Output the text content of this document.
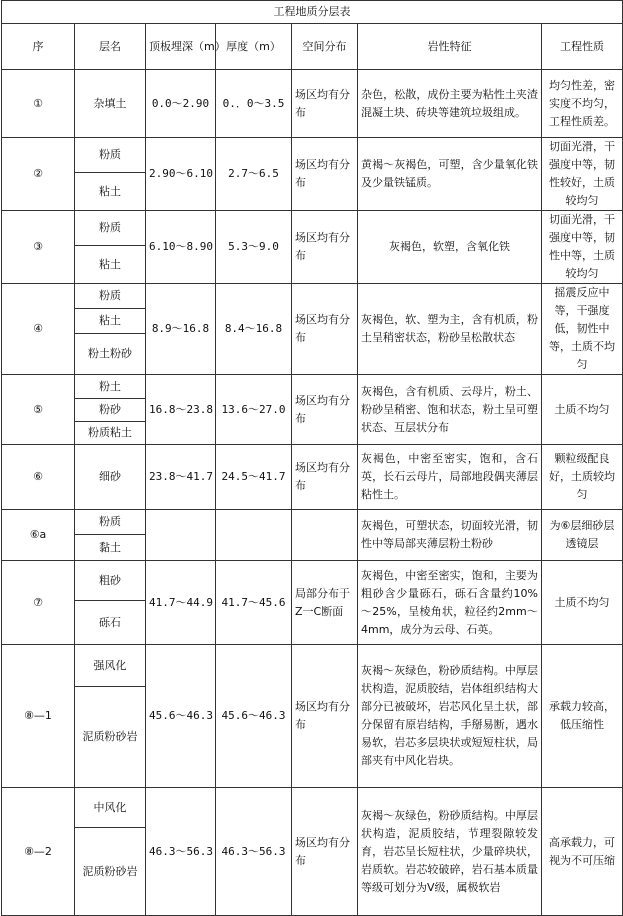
工程地质分层表						
序	层名	顶板埋深（m）	厚度（m）	空间分布	岩性特征	工程性质
①	杂填土	0.0～2.90	0.．0～3.5	场区均有分布	杂色，松散，成份主要为粘性土夹渣混凝土块、砖块等建筑垃圾组成。	均匀性差，密实度不均匀，工程性质差。
②	粉质	2.90～6.10	2.7～6.5	场区均有分布	黄褐～灰褐色，可塑，含少量氧化铁及少量铁锰质。	切面光滑，干强度中等，韧性较好，土质较均匀
	粘土					
③	粉质	6.10～8.90	5.3～9.0	场区均有分布	灰褐色，软塑，含氧化铁	切面光滑，干强度中等，韧性中等，土质较均匀
	粘土					
④	粉质	8.9～16.8	8.4～16.8	场区均有分布	灰褐色，软、塑为主，含有机质，粉土呈稍密状态，粉砂呈松散状态	摇震反应中等，干强度低，韧性中等，土质不均匀
	粘土					
	粉土粉砂					
⑤	粉土	16.8～23.8	13.6～27.0	场区均有分布	灰褐色，含有机质、云母片，粉土、粉砂呈稍密、饱和状态，粉土呈可塑状态、互层状分布	土质不均匀
	粉砂					
	粉质粘土					
⑥	细砂	23.8～41.7	24.5～41.7	场区均有分布	灰褐色，中密至密实，饱和，含石英，长石云母片，局部地段偶夹薄层粘性土。	颗粒级配良好，土质较均匀
⑥a	粉质				灰褐色，可塑状态，切面较光滑，韧性中等局部夹薄层粉土粉砂	为⑥层细砂层透镜层
	黏土					
⑦	粗砂	41.7～44.9	41.7～45.6	局部分布于Z一C断面	灰褐色，中密至密实，饱和，主要为粗砂含少量砾石，砾石含量约10%～25%，呈棱角状，粒径约2mm～4mm，成分为云母、石英。	土质不均匀
	砾石					
⑧—1	强风化	45.6～46.3	45.6～46.3	场区均有分布	灰褐～灰绿色，粉砂质结构。中厚层状构造，泥质胶结，岩体组织结构大部分已被破坏，岩芯风化呈土状，部分保留有原岩结构，手掰易断，遇水易软，岩芯多层块状或短短柱状，局部夹有中风化岩块。	承载力较高，低压缩性
	泥质粉砂岩					
⑧—2	中风化	46.3～56.3	46.3～56.3	场区均有分布	灰褐～灰绿色，粉砂质结构。中厚层状构造，泥质胶结，节理裂隙较发育，岩芯呈长短柱状，少量碎块状，岩质软。岩芯较破碎，岩石基本质量等级可划分为Ⅴ级，属极软岩	高承载力，可视为不可压缩
	泥质粉砂岩					
